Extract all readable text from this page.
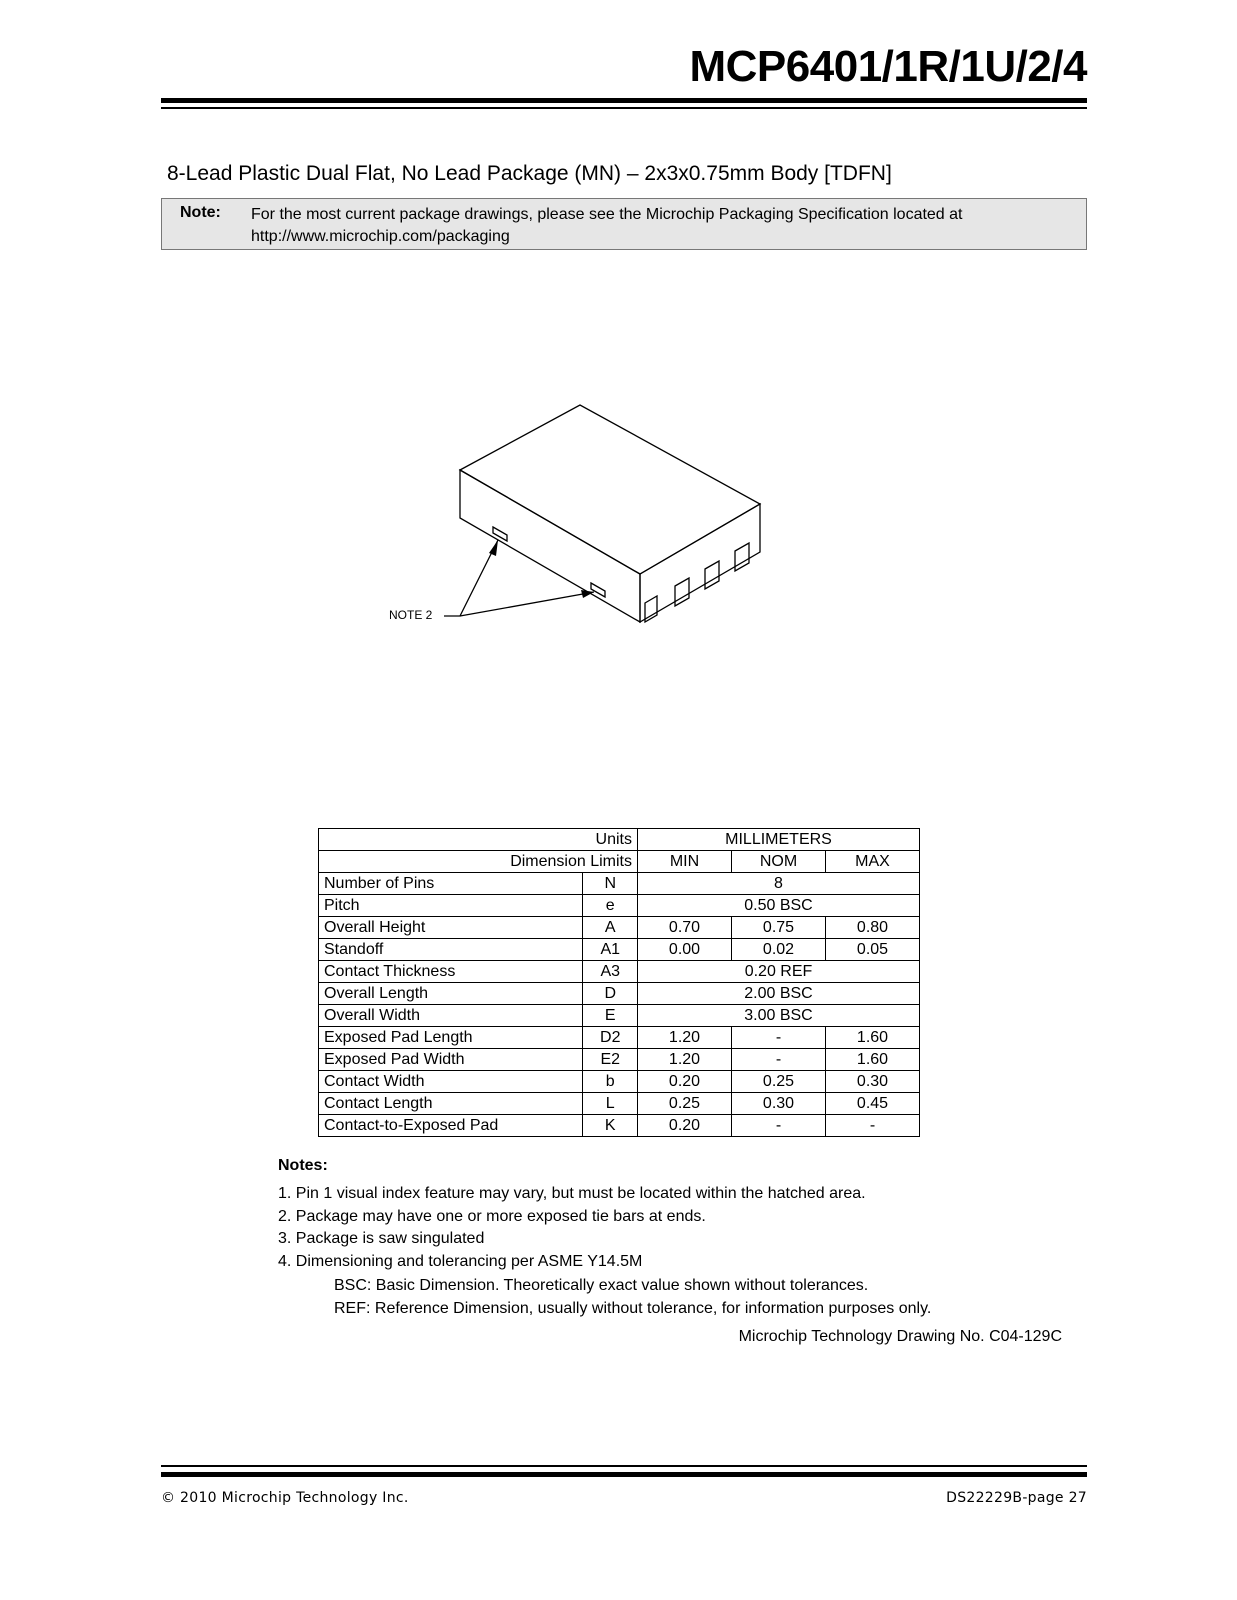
MCP6401/1R/1U/2/4
8-Lead Plastic Dual Flat, No Lead Package (MN) – 2x3x0.75mm Body [TDFN]
Note: For the most current package drawings, please see the Microchip Packaging Specification located at
http://www.microchip.com/packaging
NOTE 2
Units		MILLIMETERS		
Dimension Limits		MIN	NOM	MAX
Number of Pins	N	8		
Pitch	e	0.50 BSC		
Overall Height	A	0.70	0.75	0.80
Standoff	A1	0.00	0.02	0.05
Contact Thickness	A3	0.20 REF		
Overall Length	D	2.00 BSC		
Overall Width	E	3.00 BSC		
Exposed Pad Length	D2	1.20	-	1.60
Exposed Pad Width	E2	1.20	-	1.60
Contact Width	b	0.20	0.25	0.30
Contact Length	L	0.25	0.30	0.45
Contact-to-Exposed Pad	K	0.20	-	-
Notes:
1. Pin 1 visual index feature may vary, but must be located within the hatched area.
2. Package may have one or more exposed tie bars at ends.
3. Package is saw singulated
4. Dimensioning and tolerancing per ASME Y14.5M
BSC: Basic Dimension. Theoretically exact value shown without tolerances.
REF: Reference Dimension, usually without tolerance, for information purposes only.
Microchip Technology Drawing No. C04-129C
© 2010 Microchip Technology Inc.	DS22229B-page 27
